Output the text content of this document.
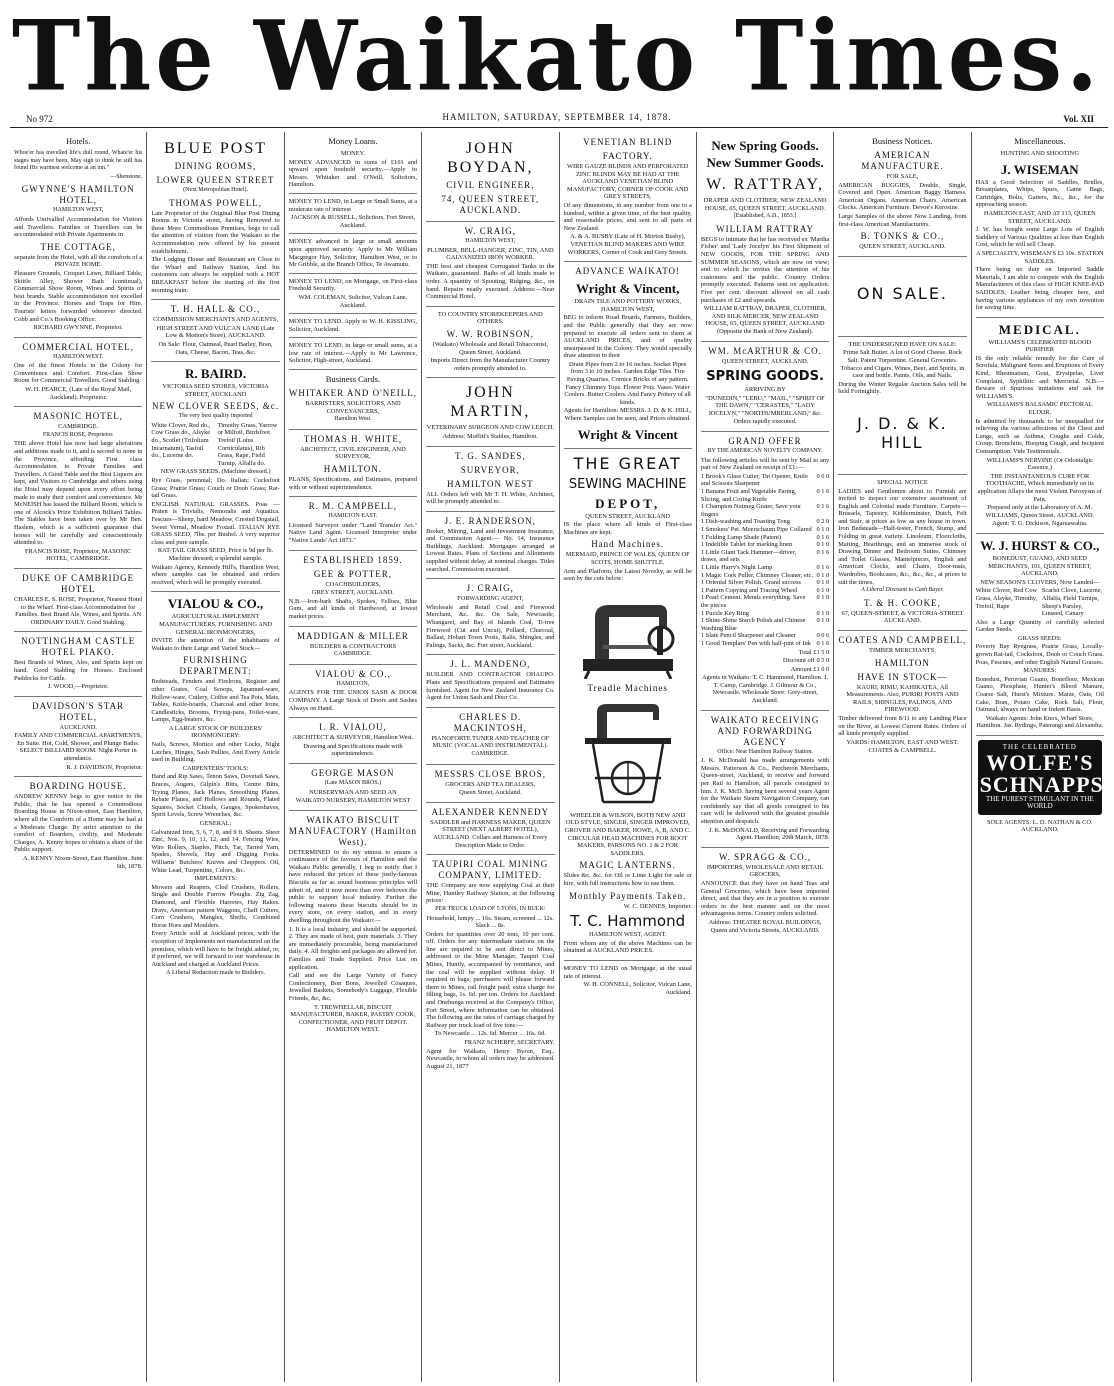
The Waikato Times.
No 972	HAMILTON, SATURDAY, SEPTEMBER 14, 1878.	Vol. XII
Hotels.
Whoe'er has travelled life's dull round, Whate'er his stages may have been, May sigh to think he still has found His warmest welcome at an inn."
—Shenstone.
GWYNNE'S HAMILTON HOTEL,
HAMILTON WEST,
Affords Unrivalled Accommodation for Visitors and Travellers. Families or Travellers can be accommodated with Private Apartments in
THE COTTAGE,
separate from the Hotel, with all the comforts of a PRIVATE HOME.
Pleasure Grounds, Croquet Lawn, Billiard Table, Skittle Alley, Shower Bath (continual), Commercial Show Room, Wines and Spirits of best brands. Stable accommodation not excelled in the Province. Horses and Traps for Hire. Tourists' letters forwarded wherever directed. Cobb and Co.'s Booking Office.
RICHARD GWYNNE, Proprietor.
COMMERCIAL HOTEL,
HAMILTON WEST.
One of the finest Hotels in the Colony for Convenience and Comfort. First-class Show Room for Commercial Travellers. Good Stabling.
W. H. PEARCE, (Late of the Royal Mail, Auckland). Proprietor.
MASONIC HOTEL,
CAMBRIDGE.
FRANCIS ROSE, Proprietor.
THE above Hotel has now had large alterations and additions made to it, and is second to none in the Province, affording First class Accommodation to Private Families and Travellers. A Good Table and the Best Liquors are kept, and Visitors to Cambridge and others using the Hotel may depend upon every effort being made to study their comfort and convenience. Mr McNEISH has leased the Billiard Room, which is one of Alcock's Prize Exhibition Billiard Tables. The Stables have been taken over by Mr Ben. Haslem, which is a sufficient guarantee that horses will be carefully and conscientiously attended to.
FRANCIS ROSE, Proprietor, MASONIC HOTEL, CAMBRIDGE.
DUKE OF CAMBRIDGE HOTEL
CHARLES E. S. ROSE, Proprietor, Nearest Hotel to the Wharf. First-class Accommodation for Families. Best Brand Ale, Wines, and Spirits. AN ORDINARY DAILY. Good Stabling.
NOTTINGHAM CASTLE HOTEL PIAKO.
Best Brands of Wines, Ales, and Spirits kept on hand. Good Stabling for Horses. Enclosed Paddocks for Cattle.
J. WOOD,—Proprietor.
DAVIDSON'S STAR HOTEL,
AUCKLAND.
FAMILY AND COMMERCIAL APARTMENTS, En Suite. Hot, Cold, Shower, and Plunge Baths. SELECT BILLIARD ROOM. Night Porter in attendance.
R. J. DAVIDSON, Proprietor.
BOARDING HOUSE.
ANDREW KENNY begs to give notice to the Public, that he has opened a Commodious Boarding House in Nixon-street, East Hamilton, where all the Comforts of a Home may be had at a Moderate Charge. By strict attention to the comfort of Boarders, civility, and Moderate Charges, A. Kenny hopes to obtain a share of the Public support.
A. KENNY Nixon-Street, East Hamilton. June 6th, 1878.
BLUE POST
DINING ROOMS,
LOWER QUEEN STREET
(Next Metropolitan Hotel).
THOMAS POWELL,
Late Proprietor of the Original Blue Post Dining Rooms in Victoria street, having Removed to these More Commodious Premises, begs to call the attention of visitors from the Waikato to the Accommodation now offered by his present establishment.
The Lodging House and Restaurant are Close to the Wharf and Railway Station, And his customers can always be supplied with a HOT BREAKFAST before the starting of the first morning train.
T. H. HALL & CO.,
COMMISSION MERCHANTS AND AGENTS,
HIGH STREET AND VULCAN LANE (Late Low & Motion's Store), AUCKLAND.
On Sale: Flour, Oatmeal, Pearl Barley, Bran, Oats, Cheese, Bacon, Teas, &c.
R. BAIRD.
VICTORIA SEED STORES, VICTORIA STREET, AUCKLAND
NEW CLOVER SEEDS, &c.
The very best quality imported
White Clover, Red do., Cow Grass do., Alsyke do., Scotlet (Trifolium Incarnatum), Tasfoil do., Lucerne do.
Timothy Grass, Yarrow or Milfoil, Birdsfoot Trefoil (Lotus Corniculatus), Rib Grass, Rape, Field Turnip, Alfalfa do.
NEW GRASS SEEDS. (Machine dressed.)
Rye Grass, perennial; Do. Italian; Cocksfoot Grass; Prairie Grass; Couch or Doob Grass; Rat-tail Grass.
ENGLISH NATURAL GRASSES. Poas — Praten is Trivialis, Nemoralis and Aquatica. Fescues—Sheep, hard Meadow, Crested Dogstail, Sweet Vernal, Meadow Foxtail. ITALIAN RYE GRASS SEED, 7lbs. per Bushel. A very superior class and pure sample.
RAT-TAIL GRASS SEED, Price is 9d per lb. Machine dressed; a splendid sample.
Waikato Agency, Kennedy Hill's, Hamilton West, where samples can be obtained and orders received, which will be promptly executed.
VIALOU & CO.,
AGRICULTURAL IMPLEMENT MANUFACTURERS, FURNISHING AND GENERAL IRONMONGERS,
INVITE the attention of the inhabitants of Waikato to their Large and Varied Stock—
FURNISHING DEPARTMENT:
Bedsteads, Fenders and Firelrons, Register and other Grates, Coal Scoops, Japanned-ware, Hollow-ware, Cutlery, Coffee and Tea Pots, Mats, Tables, Knife-boards, Charcoal and other Irons, Candlesticks, Brooms, Frying-pans, Toilet-ware, Lamps, Egg-beaters, &c.
A LARGE STOCK OF BUILDERS' IRONMONGERY:
Nails, Screws, Mortice and other Locks, Night Latches, Hinges, Sash Pullies, And Every Article used in Building.
CARPENTERS' TOOLS:
Hand and Rip Saws, Tenon Saws, Dovetail Saws, Braces, Augers, Gilpin's Bitts, Centre Bitts, Trying Planes, Jack Planes, Smoothing Planes, Rebate Planes, and Hollows and Rounds, Flated Squares, Socket Chisels, Gauges, Spokeshaves, Spirit Levels, Screw Wrenches, &c.
GENERAL:
Galvanized Iron, 5, 6, 7, 8, and 9 ft. Sheets. Sheet Zinc, Nos. 9, 10, 11, 12, and 14. Fencing Wire, Wire Rollers, Staples, Pitch, Tar, Tarred Yarn, Spades, Shovels, Hay and Digging Forks. Williams' Butchers' Knives and Choppers. Oil, White Lead, Turpentine, Colors, &c.
IMPLEMENTS:
Mowers and Reapers, Clod Crushers, Rollers, Single and Double Furrow Ploughs. Zig Zag, Diamond, and Flexible Harrows, Hay Rakes. Drays, American pattern Waggons, Chaff Cutters, Corn Crushers, Mangles, Sheffs, Combined Horse Hoes and Moulders.
Every Article sold at Auckland prices, with the exception of Implements not manufactured on the premises, which will have to be freight added, or, if preferred, we will forward to our warehouse in Auckland and charged at Auckland Prices.
A Liberal Reduction made to Builders.
Money Loans.
MONEY.
MONEY ADVANCED in sums of £101 and upward upon freehold security.—Apply to Messrs. Whitaker and O'Neill, Solicitors, Hamilton.
MONEY TO LEND, in Large or Small Sums, at a moderate rate of interest
JACKSON & RUSSELL, Solicitors, Fort Street, Auckland.
MONEY advanced in large or small amounts upon approved security. Apply to Mr William Macgregor Hay, Solicitor, Hamilton West, or to Mr Gribble, at the Branch Office, Te Awamutu.
MONEY TO LEND, on Mortgage, on First-class Freehold Security.
WM. COLEMAN, Solicitor, Vulcan Lane, Auckland.
MONEY TO LEND. Apply to W. H. KISSLING, Solicitor, Auckland.
MONEY TO LEND, in large or small sums, at a low rate of interest.—Apply to Mr Lawrence, Solicitor, High-street, Auckland.
Business Cards.
WHITAKER AND O'NEILL,
BARRISTERS, SOLICITORS, AND CONVEYANCERS,
Hamilton West.
THOMAS H. WHITE,
ARCHITECT, CIVIL ENGINEER, AND SURVEYOR,
HAMILTON.
PLANS, Specifications, and Estimates, prepared with or without superintendence.
R. M. CAMPBELL,
HAMILTON EAST.
Licensed Surveyor under "Land Transfer Act." Native Land Agent. Licensed Interpreter under "Native Lands' Act 1873."
ESTABLISHED 1859.
GEE & POTTER,
COACHBUILDERS,
GREY STREET, AUCKLAND.
N.B.—Iron-bark Shafts, Spokes, Felloes, Blue Gum, and all kinds of Hardwood, at lowest market prices.
MADDIGAN & MILLER
BUILDERS & CONTRACTORS
CAMBRIDGE.
VIALOU & CO.,
HAMILTON,
AGENTS FOR THE UNION SASH & DOOR COMPANY. A Large Stock of Doors and Sashes Always on Hand.
I. R. VIALOU,
ARCHITECT & SURVEYOR, Hamilton West.
Drawing and Specifications made with superintendence.
GEORGE MASON
(Late MASON BROS.)
NURSERYMAN AND SEED AN
WAIKATO NURSERY, HAMILTON WEST
WAIKATO BISCUIT MANUFACTORY (Hamilton West).
DETERMINED to do my utmost to ensure a continuance of the favours of Hamilton and the Waikato Public generally, I beg to notify that I have reduced the prices of these justly-famous Biscuits as far as sound business principles will admit of, and it now more than ever behoves the public to support local industry. Further the following reasons these biscuits should be in every store, on every station, and in every dwelling throughout the Waikato:—
1. It is a local industry, and should be supported. 2. They are made of best, pure materials. 3. They are immediately procurable, being manufactured daily. 4. All freights and packages are allowed for. Families and Trade Supplied. Price List on application.
Call and see the Large Variety of Fancy Confectionery, Bon Bons, Jewelled Cosaques, Jewelled Baskets, Somebody's Luggage, Flexible Friends, &c, &c.
T. TREWHELLAR, BISCUIT MANUFACTURER, BAKER, PASTRY COOK, CONFECTIONER, AND FRUIT DEPOT. HAMILTON WEST.
JOHN BOYDAN,
CIVIL ENGINEER,
74, QUEEN STREET, AUCKLAND.
W. CRAIG,
HAMILTON WEST,
PLUMBER, BELL-HANGER, ZINC, TIN, AND GALVANIZED IRON WORKER.
THE best and cheapest Corrugated Tanks in the Waikato, guaranteed. Baths of all kinds made to order. A quantity of Spouting, Ridging, &c., on hand. Repairs neatly executed. Address:—Near Commercial Hotel.
TO COUNTRY STOREKEEPERS AND OTHERS.
W. W. ROBINSON,
(Waikato) Wholesale and Retail Tobacconist, Queen Street, Auckland.
Imports Direct from the Manufacturer Country orders promptly attended to.
JOHN MARTIN,
VETERINARY SURGEON AND COW LEECH.
Address: Moffitt's Stables, Hamilton.
T. G. SANDES,
SURVEYOR,
HAMILTON WEST
ALL Orders left with Mr T. H. White, Architect, will be promptly attended to.
J. E. RANDERSON,
Broker, Mining, Land and Investment Insurance, and Commission Agent.— No. 14, Insurance Buildings, Auckland. Mortgages arranged at Lowest Rates. Plans of Sections and Allotments supplied without delay, at nominal charges. Titles searched. Commission executed.
J. CRAIG,
FORWARDING AGENT,
Wholesale and Retail Coal and Firewood Merchant, &c. &c. On Sale, Newcastle, Whangarei, and Bay of Islands Coal, Ti-tree Firewood (Cut and Uncut), Pollard, Charcoal, Ballast, Hobart Town Posts, Rails, Shingles, and Palings, Sacks, &c. Fort street, Auckland.
J. L. MANDENO,
BUILDER AND CONTRACTOR OHAUPO. Plans and Specifications prepared and Estimates furnished. Agent for New Zealand Insurance Co. Agent for Union Sash and Door Co.
CHARLES D. MACKINTOSH,
PIANOFORTE TUNER AND TEACHER OF MUSIC (VOCAL AND INSTRUMENTAL).
CAMBRIDGE.
MESSRS CLOSE BROS,
GROCERS AND TEA DEALERS,
Queen Street, Auckland.
ALEXANDER KENNEDY
SADDLER and HARNESS MAKER, QUEEN STREET (NEXT ALBERT HOTEL), AUCKLAND. Collars and Harness of Every Description Made to Order.
TAUPIRI COAL MINING COMPANY, LIMITED.
THE Company are now supplying Coal at their Mine, Huntley Railway Station, at the following prices:
PER TRUCK LOAD OF 5 TONS, IN BULK:
Household, lumpy ... 16s. Steam, screened ... 12s. Slack ... 8s.
Orders for quantities over 20 tons, 10 per cent. off. Orders for any intermediate stations on the line are required to be sent direct to Mines, addressed to the Mine Manager, Taupiri Coal Mines, Huntly, accompanied by remittance, and the coal will be supplied without delay. If required in bags, purchasers will please forward them to Mines, rail freight paid; extra charge for filling bags, 1s. 6d. per ton. Orders for Auckland and Onehunga received at the Company's Office, Fort Street, where information can be obtained. The following are the rates of carriage charged by Railway per truck load of five tons:—
To Newcastle ... 12s. 6d. Mercer ... 16s. 6d.
FRANZ SCHERFF, SECRETARY.
Agent for Waikato, Henry Byron, Esq., Newcastle, to whom all orders may be addressed. August 21, 1877
VENETIAN BLIND
FACTORY.
WIRE GAUZE BLINDS AND PERFORATED ZINC BLINDS MAY BE HAD AT THE AUCKLAND VENETIAN BLIND MANUFACTORY, CORNER OF COOK AND GREY STREETS,
Of any dimensions, in any number from one to a hundred, within a given time, of the best quality, and reasonable prices, and sent to all parts of New Zealand.
A. & A. BUSBY (Late of H. Morton Busby), VENETIAN BLIND MAKERS AND WIRE WORKERS, Corner of Cook and Grey Streets.
ADVANCE WAIKATO!
Wright & Vincent,
DRAIN TILE AND POTTERY WORKS, HAMILTON WEST,
BEG to inform Road Boards, Farmers, Builders, and the Public generally that they are now prepared to execute all orders sent to them at AUCKLAND PRICES, and of quality unsurpassed in the Colony. They would specially draw attention to their
Drain Pipes from 2 to 16 inches. Socket Pipes from 3 to 10 inches. Garden Edge Tiles. Fire Paving Quarries. Cornice Bricks of any pattern. Fancy Chimney Tops. Flower Pots. Vases. Water Coolers. Butter Coolers. And Fancy Pottery of all kinds.
Agents for Hamilton: MESSRS. J. D. & K. HILL, Where Samples can be seen, and Prices obtained.
Wright & Vincent
THE GREAT
SEWING MACHINE
DEPOT,
QUEEN STREET, AUCKLAND
IS the place where all kinds of First-class Machines are kept.
Hand Machines.
MERMAID, PRINCE OF WALES, QUEEN OF SCOTS, HOME SHUTTLE.
Arm and Platform, the Latest Novelty, as will be seen by the cuts below:
Treadle Machines
WHEELER & WILSON, BOTH NEW AND OLD STYLE, SINGER, SINGER IMPROVED, GROVER AND BAKER, HOWE, A, B, AND C. CIRCULAR HEAD MACHINES FOR BOOT MAKERS, PARSONS NO. 1 & 2 FOR SADDLERS.
MAGIC LANTERNS.
Slides &c. &c. for Oil or Lime Light for sale or hire, with full instructions how to use them.
Monthly Payments Taken.
W. C. DENNES, Importer.
T. C. Hammond
HAMILTON WEST, AGENT.
From whom any of the above Machines can be obtained at AUCKLAND PRICES.
MONEY TO LEND on Mortgage, at the usual rate of interest.
W. H. CONNELL, Solicitor, Vulcan Lane, Auckland.
New Spring Goods.
New Summer Goods.
W. RATTRAY,
DRAPER AND CLOTHIER, NEW ZEALAND HOUSE, 65, QUEEN STREET, AUCKLAND.
[Established, A.D., 1853.]
WILLIAM RATTRAY
BEGS to intimate that he has received ex 'Martha Fisher' and 'Lady Jocelyn' his First Shipment of NEW GOODS, FOR THE SPRING AND SUMMER SEASONS, which are now on view; and to which he invites the attention of his customers and the public. Country Orders promptly executed. Patterns sent on application. Five per cent. discount allowed on all cash purchases of £2 and upwards.
WILLIAM RATTRAY, DRAPER, CLOTHIER, AND SILK MERCER, NEW ZEALAND HOUSE, 65, QUEEN STREET, AUCKLAND (Opposite the Bank of New Zealand).
WM. McARTHUR & CO.
QUEEN STREET, AUCKLAND.
SPRING GOODS.
ARRIVING BY
"DUNEDIN," "LEBU," "MAIL," "SPIRIT OF THE DAWN," "CERASTES," "LADY JOCELYN," "NORTHUMBERLAND," &c.
Orders rapidly executed.
GRAND OFFER
BY THE AMERICAN NOVELTY COMPANY.
The following articles will be sent by Mail to any part of New Zealand on receipt of £1:—
1 Brook's Glass Cutter, Tin Opener, Knife and Scissors Sharpener
0 6 0
1 Banana Fruit and Vegetable Paring, Slicing, and Coring Knife
0 1 6
1 Champion Nutmeg Grater, Save your fingers
0 1 6
1 Dish-washing and Toasting Tong	0 2 0
1 Smokers' Pet. Meerschaum Pipe Collared 0 1 0
1 Folding Lamp Shade (Patent)	0 1 6
1 Indelible Tablet for marking linen	0 1 0
1 Little Giant Tack Hammer—driver, draws, and sets
0 1 6
1 Little Harry's Night Lamp	0 1 6
1 Magic Cork Puller, Chimney Cleaner, etc. 0 1 0
1 Oriental Silver Polish. Grand success 0 1 0
1 Pattern Copying and Tracing Wheel	0 1 0
1 Pearl Cement. Mends everything. Save the pieces
0 1 0
1 Puzzle Key Ring	0 1 0
1 Shine-Shine Starch Polish and Chinese Washing Blue
0 1 0
1 Slate Pencil Sharpener and Cleaner	0 0 6
1 Good Templars' Pen with half-pint of Ink 0 1 6
Total £1 5 0
Discount off 0 5 0
Amount £1 0 0
Agents in Waikato: T. C. Hammond, Hamilton. J. T. Camp, Cambridge. J. Gilmour & Co., Newcastle. Wholesale Store: Grey-street, Auckland.
WAIKATO RECEIVING AND FORWARDING AGENCY
Office: Near Hamilton Railway Station.
J. K. McDonald has made arrangements with Messrs. Patterson & Co., Percheron Merchants, Queen-street, Auckland, to receive and forward per Rail to Hamilton, all parcels consigned to him. J. K. McD. having been several years Agent for the Waikato Steam Navigation Company, can confidently say that all goods consigned to his care will be delivered with the greatest possible attention and despatch.
J. K. McDONALD, Receiving and Forwarding Agent. Hamilton, 20th March, 1878.
W. SPRAGG & CO.,
IMPORTERS, WHOLESALE AND RETAIL GROCERS,
ANNOUNCE that they have on hand Teas and General Groceries, which have been imported direct, and that they are in a position to execute orders in the best manner and on the most advantageous terms. Country orders solicited.
Address: THEATRE ROYAL BUILDINGS, Queen and Victoria Streets, AUCKLAND.
Business Notices.
AMERICAN MANUFACTURE.
FOR SALE,
AMERICAN BUGGIES, Double, Single, Covered and Open. American Baggy Harness. American Organs. American Chairs. American Clocks. American Furniture. Devoe's Kerosine.
Large Samples of the above Now Landing, from first-class American Manufacturers.
B. TONKS & CO.,
QUEEN STREET, AUCKLAND.
ON SALE.
THE UNDERSIGNED HAVE ON SALE:
Prime Salt Butter. A lot of Good Cheese. Rock Salt. Patent Turpentine. General Groceries. Tobacco and Cigars. Wines, Beer, and Spirits, in case and bottle. Paints, Oils, and Nails.
During the Winter Regular Auction Sales will be held Fortnightly.
J. D. & K. HILL
SPECIAL NOTICE
LADIES and Gentlemen about to Furnish are invited to inspect our extensive assortment of English and Colonial made Furniture. Carpets—Brussels, Tapestry, Kidderminster, Dutch, Felt and Stair, at prices as low as any house in town. Iron Bedsteads—Half-tester, French, Stump, and Folding in great variety. Linoleum, Floorcloths, Matting, Hearthrugs, and an immense stock of Drawing Dinner and Bedroom Suites. Chimney and Toilet Glasses, Mantelpieces, English and American Clocks, and Chairs, Door-mats, Wardrobes, Bookcases, &c., &c., &c., at prices to suit the times.
A Liberal Discount to Cash Buyer.
T. & H. COOKE,
67, QUEEN-STREET, & VICTORIA-STREET AUCKLAND.
COATES AND CAMPBELL,
TIMBER MERCHANTS,
HAMILTON
HAVE IN STOCK—
KAURI, RIMU, KAHIKATEA, All Measurements. Also, PURIRI POSTS AND RAILS, SHINGLES, PALINGS, AND FIREWOOD.
Timber delivered from 8/11 to any Landing Place on the River, at Lowest Current Rates. Orders of all kinds promptly supplied.
YARDS: HAMILTON, EAST AND WEST.
COATES & CAMPBELL.
Miscellaneous.
HUNTING AND SHOOTING
J. WISEMAN
HAS a Good Selection of Saddles, Bridles, Breastplates, Whips, Spurs, Game Bags, Cartridges, Bolts, Gaiters, &c., &c., for the approaching season.
HAMILTON EAST, AND AT 113, QUEEN STREET, AUCKLAND.
J. W. has bought some Large Lots of English Saddlery of Various Qualities at less than English Cost, which he will sell Cheap.
A SPECIALITY, WISEMAN'S £3 10s. STATION SADDLES.
There being no duty on Imported Saddle Materials, I am able to compete with the English Manufacturers of this class of HIGH KNEE-PAD SADDLES, Leather being cheaper here, and having various appliances of my own invention for saving time.
MEDICAL.
WILLIAMS'S CELEBRATED BLOOD PURIFIER
IS the only reliable remedy for the Cure of Scrofula, Malignant Sores and Eruptions of Every Kind, Rheumatism, Gout, Erysipelas, Liver Complaint, Syphilitic and Mercurial. N.B.—Beware of Spurious imitations and ask for WILLIAMS'S.
WILLIAMS'S BALSAMIC PECTORAL ELIXIR,
Is admitted by thousands to be unequalled for relieving the various affections of the Chest and Lungs, such as Asthma, Coughs and Colds, Croup, Bronchitis, Hooping Cough, and Incipient Consumption. Vide Testimonials.
WILLIAMS'S NERVINE (Or Odontalgic Essence,)
THE INSTANTANEOUS CURE FOR TOOTHACHE, Which immediately on its application Allays the most Violent Paroxysm of Pain.
Prepared only at the Laboratory of A. M. WILLIAMS, Queen Street, AUCKLAND.
Agent: T. G. Dickison, Ngaruawahia.
W. J. HURST & CO.,
BONEDUST, GUANO, AND SEED MERCHANTS, 101, QUEEN STREET, AUCKLAND.
NEW SEASON'S CLOVERS, Now Landed—
White Clover, Red Cow Grass, Alsyke, Timothy, Trefoil, Rape
Scarlet Clove, Lucerne, Alfalfa, Field Turnips, Sheep's Parsley, Linseed, Canary
Also a Large Quantity of carefully selected Garden Seeds.
GRASS SEEDS:
Poverty Bay Ryegrass, Prairie Grass, Locally-grown Rat-tail, Cocksfoot, Doob or Couch Grass. Poas, Fescues, and other English Natural Grasses.
MANURES:
Bonedust, Peruvian Guano, Bonefloor, Mexican Guano, Phosphate, Hunter's Blood Manure, Coarse Salt, Hurst's Mixture. Maize, Oats, Oil Cake, Bran, Potato Cake, Rock Salt, Flour, Oatmeal, always on hand or Indent Basis.
Waikato Agents: John Knox, Wharf Store, Hamilton. Jas. Rydings, Paterangi and Alexandra.
THE CELEBRATED
WOLFE'S
SCHNAPPS
THE PUREST STIMULANT IN THE WORLD
SOLE AGENTS: L. D. NATHAN & CO. AUCKLAND.
